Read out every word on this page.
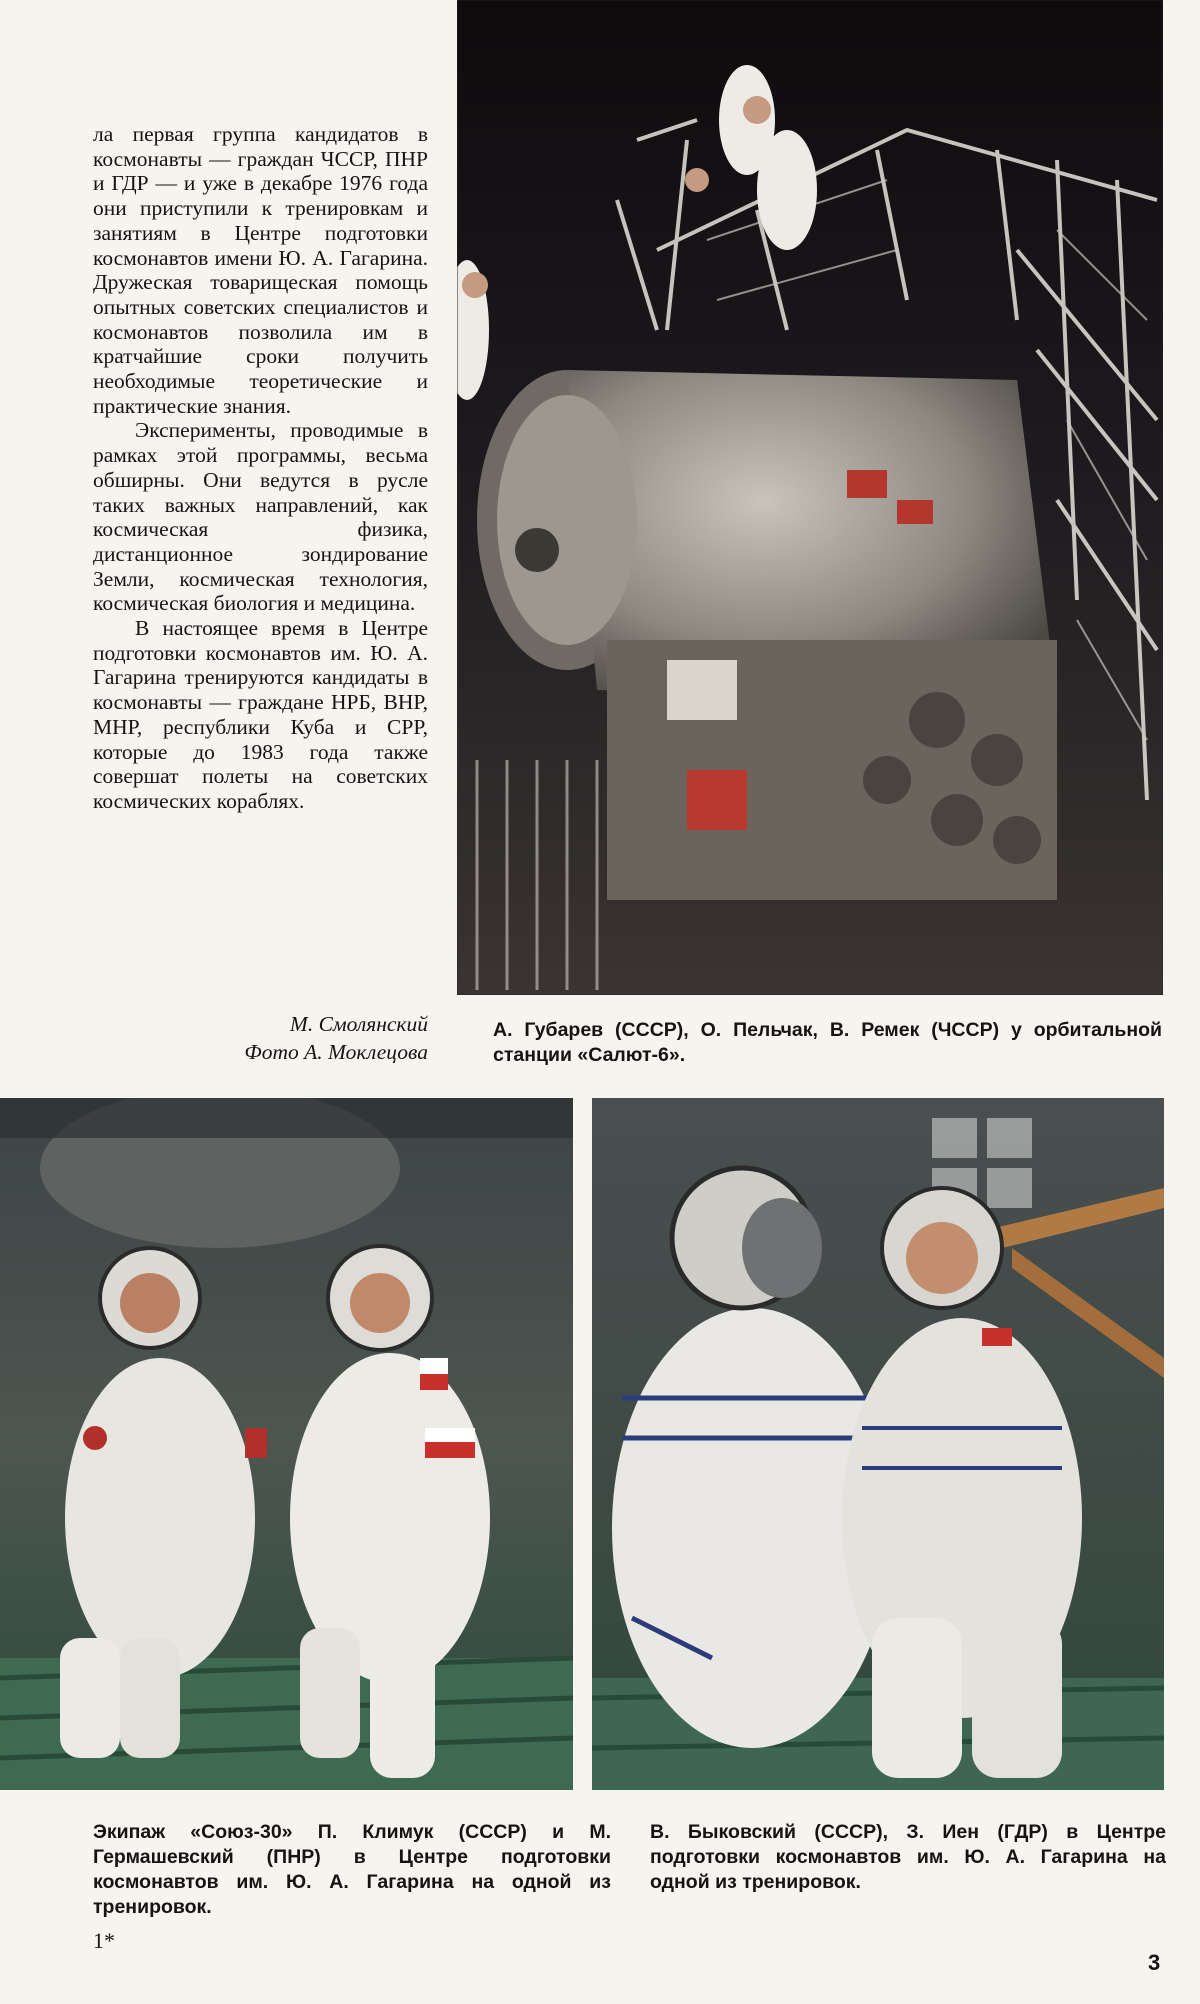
ла первая группа кандидатов в космонавты — граждан ЧССР, ПНР и ГДР — и уже в декабре 1976 года они приступили к тренировкам и занятиям в Центре подготовки космонавтов имени Ю. А. Гагарина. Дружеская товарищеская помощь опытных советских специалистов и космонавтов позволила им в кратчайшие сроки получить необходимые теоретические и практические знания.

Эксперименты, проводимые в рамках этой программы, весьма обширны. Они ведутся в русле таких важных направлений, как космическая физика, дистанционное зондирование Земли, космическая технология, космическая биология и медицина.

В настоящее время в Центре подготовки космонавтов им. Ю. А. Гагарина тренируются кандидаты в космонавты — граждане НРБ, ВНР, МНР, республики Куба и СРР, которые до 1983 года также совершат полеты на советских космических кораблях.

М. Смолянский
Фото А. Моклецова
А. Губарев (СССР), О. Пельчак, В. Ремек (ЧССР) у орбитальной станции «Салют-6».
Экипаж «Союз-30» П. Климук (СССР) и М. Гермашевский (ПНР) в Центре подготовки космонавтов им. Ю. А. Гагарина на одной из тренировок.
В. Быковский (СССР), З. Иен (ГДР) в Центре подготовки космонавтов им. Ю. А. Гагарина на одной из тренировок.
1*
3
